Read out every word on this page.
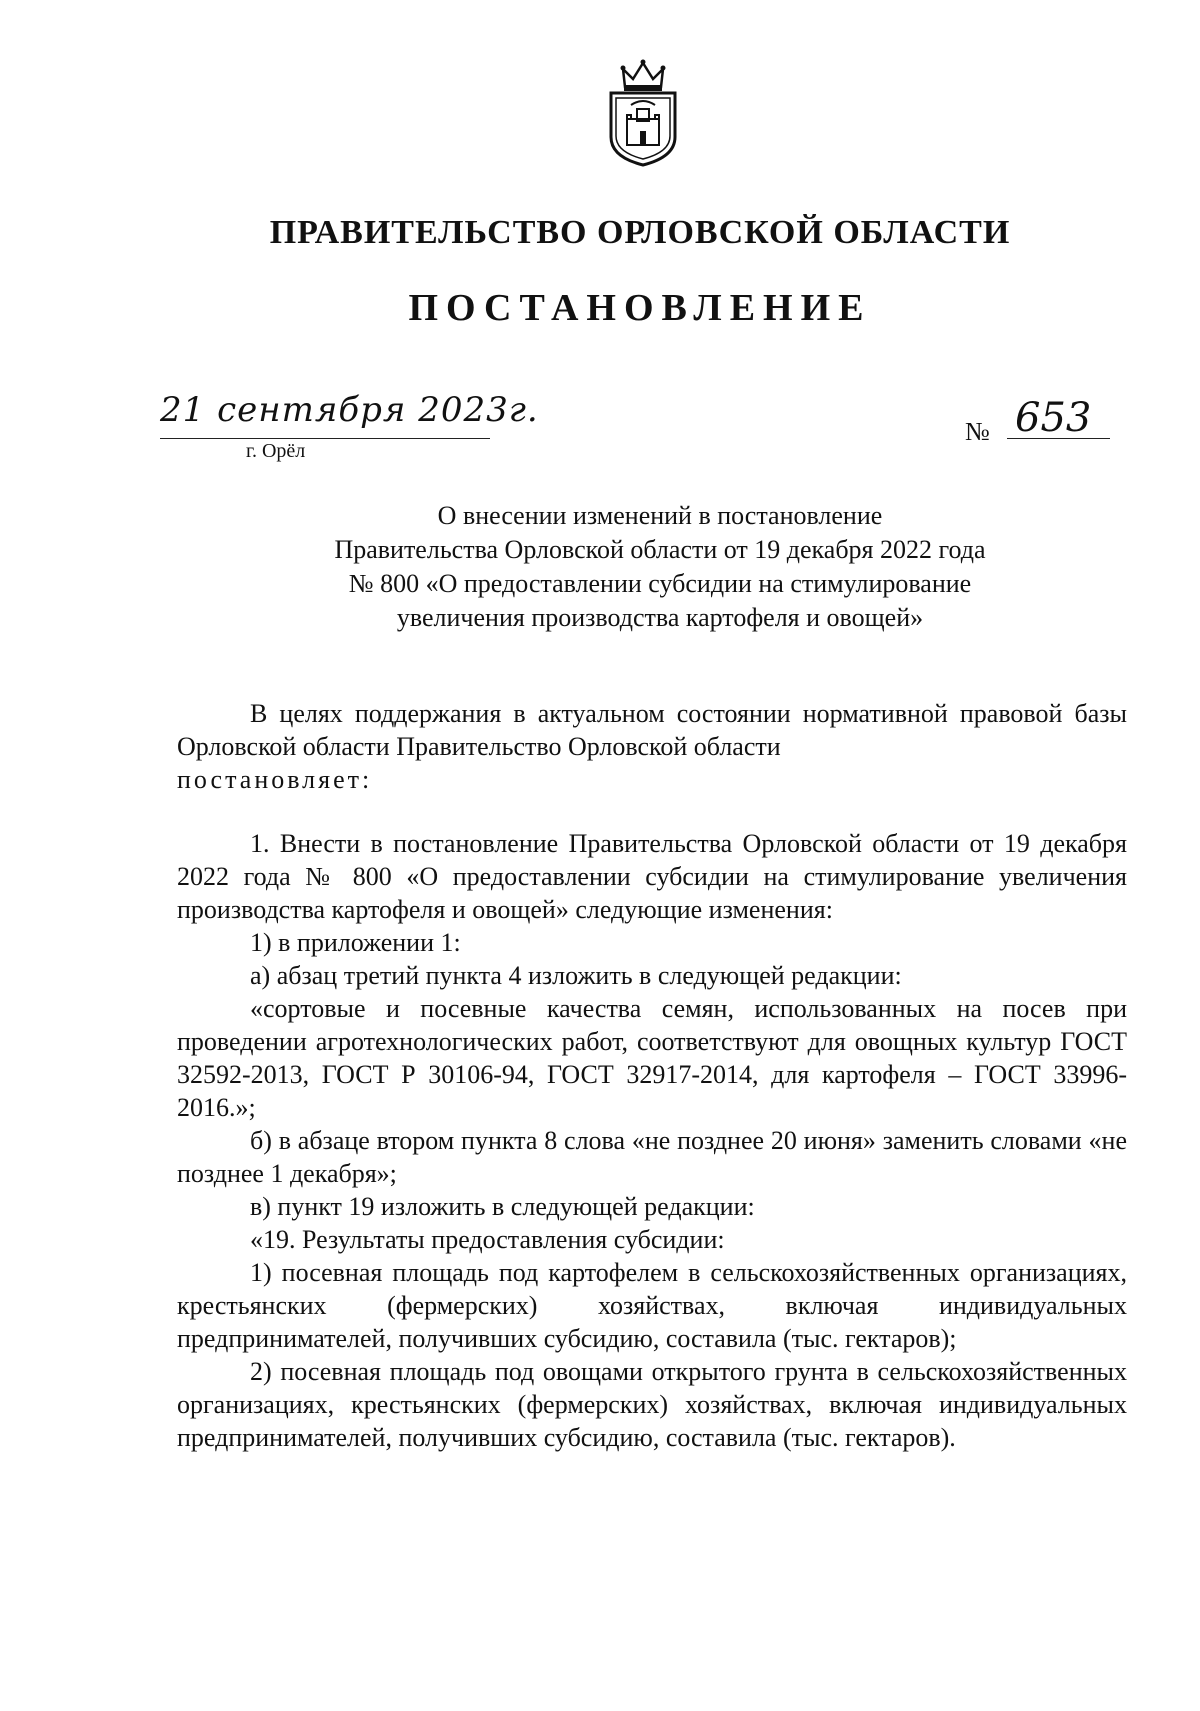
ПРАВИТЕЛЬСТВО ОРЛОВСКОЙ ОБЛАСТИ
ПОСТАНОВЛЕНИЕ
21 сентября 2023г.
г. Орёл
№ 653
О внесении изменений в постановление
Правительства Орловской области от 19 декабря 2022 года
№ 800 «О предоставлении субсидии на стимулирование
увеличения производства картофеля и овощей»

В целях поддержания в актуальном состоянии нормативной правовой базы Орловской области Правительство Орловской области
постановляет:

1. Внести в постановление Правительства Орловской области от 19 декабря 2022 года № 800 «О предоставлении субсидии на стимулирование увеличения производства картофеля и овощей» следующие изменения:

1) в приложении 1:

а) абзац третий пункта 4 изложить в следующей редакции:

«сортовые и посевные качества семян, использованных на посев при проведении агротехнологических работ, соответствуют для овощных культур ГОСТ 32592-2013, ГОСТ Р 30106-94, ГОСТ 32917-2014, для картофеля – ГОСТ 33996-2016.»;

б) в абзаце втором пункта 8 слова «не позднее 20 июня» заменить словами «не позднее 1 декабря»;

в) пункт 19 изложить в следующей редакции:

«19. Результаты предоставления субсидии:

1) посевная площадь под картофелем в сельскохозяйственных организациях, крестьянских (фермерских) хозяйствах, включая индивидуальных предпринимателей, получивших субсидию, составила (тыс. гектаров);

2) посевная площадь под овощами открытого грунта в сельскохозяйственных организациях, крестьянских (фермерских) хозяйствах, включая индивидуальных предпринимателей, получивших субсидию, составила (тыс. гектаров).
